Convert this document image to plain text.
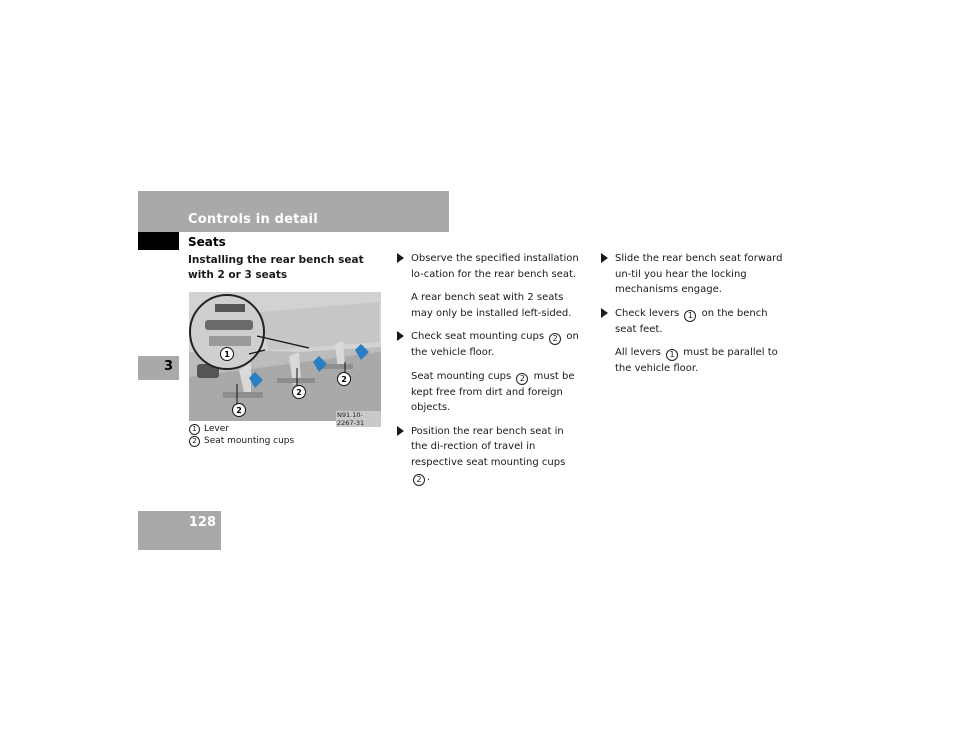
Controls in detail
Seats
3
128
Installing the rear bench seat with 2 or 3 seats
1
2
2
2
N91.10-2267-31
1 Lever
2 Seat mounting cups

Observe the specified installation lo-cation for the rear bench seat.

A rear bench seat with 2 seats may only be installed left-sided.

Check seat mounting cups 2 on the vehicle floor.

Seat mounting cups 2 must be kept free from dirt and foreign objects.

Position the rear bench seat in the di-rection of travel in respective seat mounting cups 2 .

Slide the rear bench seat forward un-til you hear the locking mechanisms engage.

Check levers 1 on the bench seat feet.

All levers 1 must be parallel to the vehicle floor.
